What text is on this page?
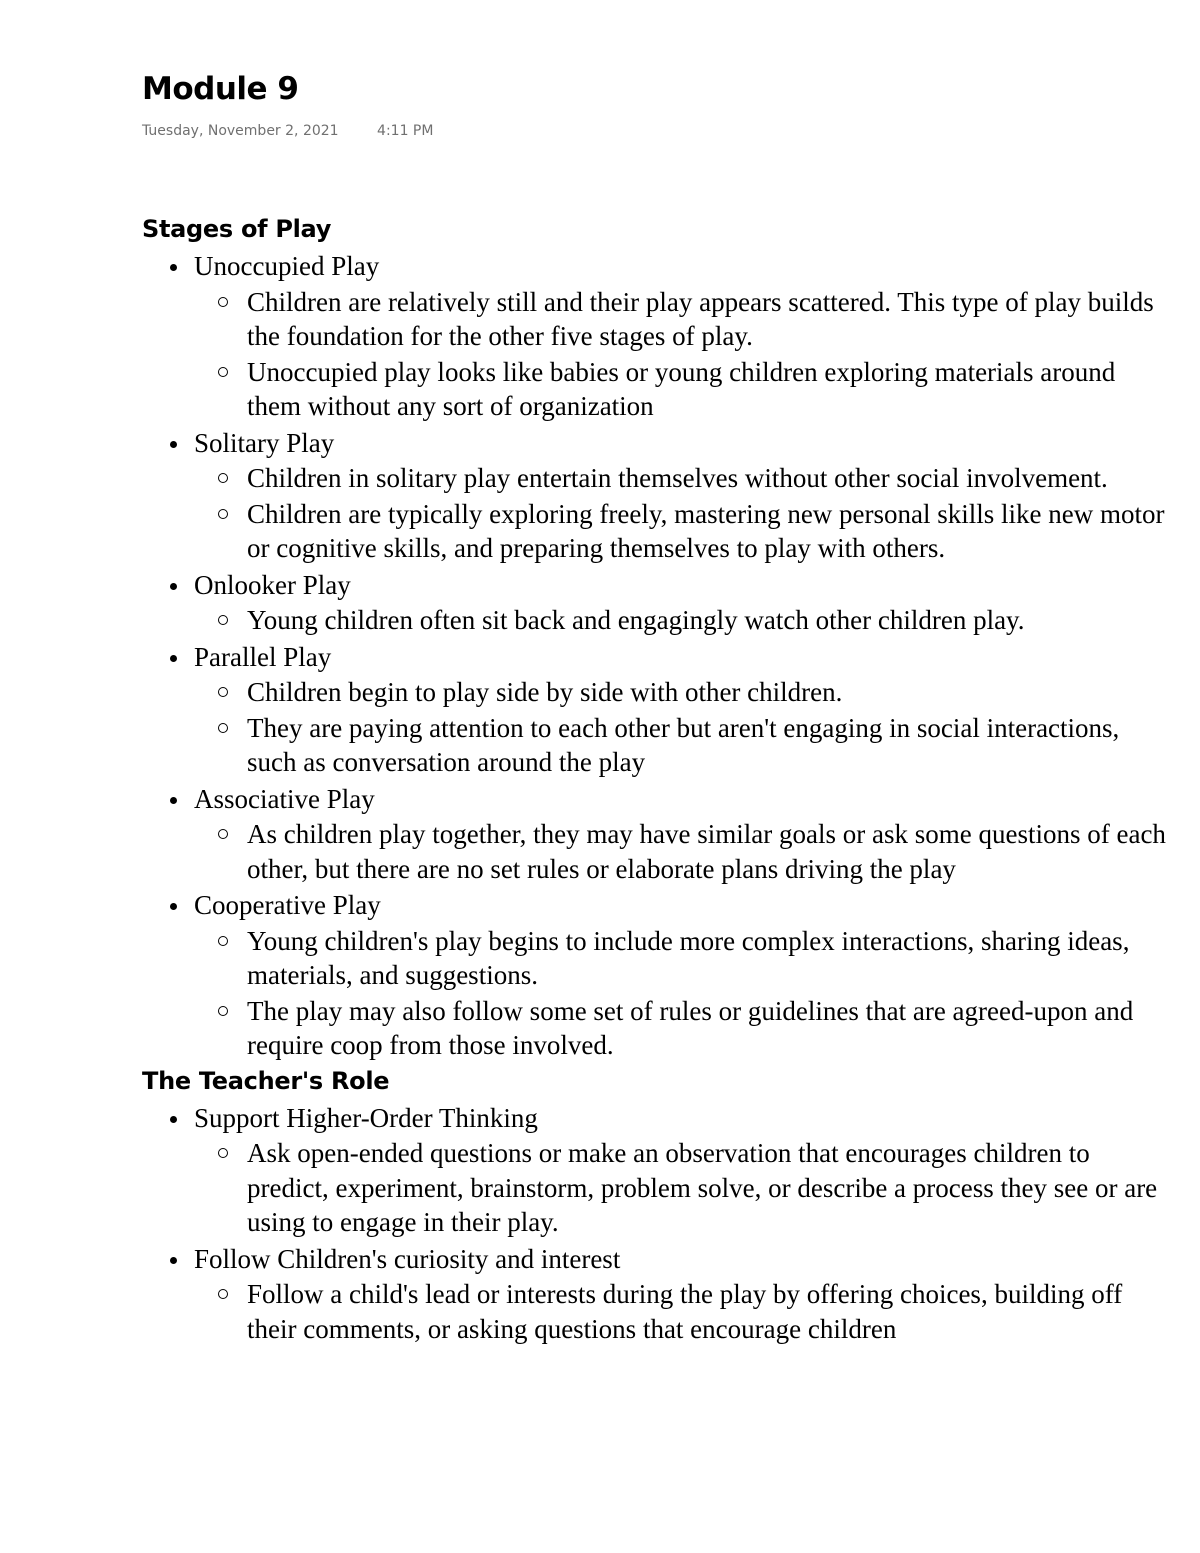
Module 9
Tuesday, November 2, 2021	4:11 PM
Stages of Play
Unoccupied Play
Children are relatively still and their play appears scattered. This type of play builds the foundation for the other five stages of play.
Unoccupied play looks like babies or young children exploring materials around them without any sort of organization
Solitary Play
Children in solitary play entertain themselves without other social involvement.
Children are typically exploring freely, mastering new personal skills like new motor or cognitive skills, and preparing themselves to play with others.
Onlooker Play
Young children often sit back and engagingly watch other children play.
Parallel Play
Children begin to play side by side with other children.
They are paying attention to each other but aren't engaging in social interactions, such as conversation around the play
Associative Play
As children play together, they may have similar goals or ask some questions of each other, but there are no set rules or elaborate plans driving the play
Cooperative Play
Young children's play begins to include more complex interactions, sharing ideas, materials, and suggestions.
The play may also follow some set of rules or guidelines that are agreed-upon and require coop from those involved.
The Teacher's Role
Support Higher-Order Thinking
Ask open-ended questions or make an observation that encourages children to predict, experiment, brainstorm, problem solve, or describe a process they see or are using to engage in their play.
Follow Children's curiosity and interest
Follow a child's lead or interests during the play by offering choices, building off their comments, or asking questions that encourage children
